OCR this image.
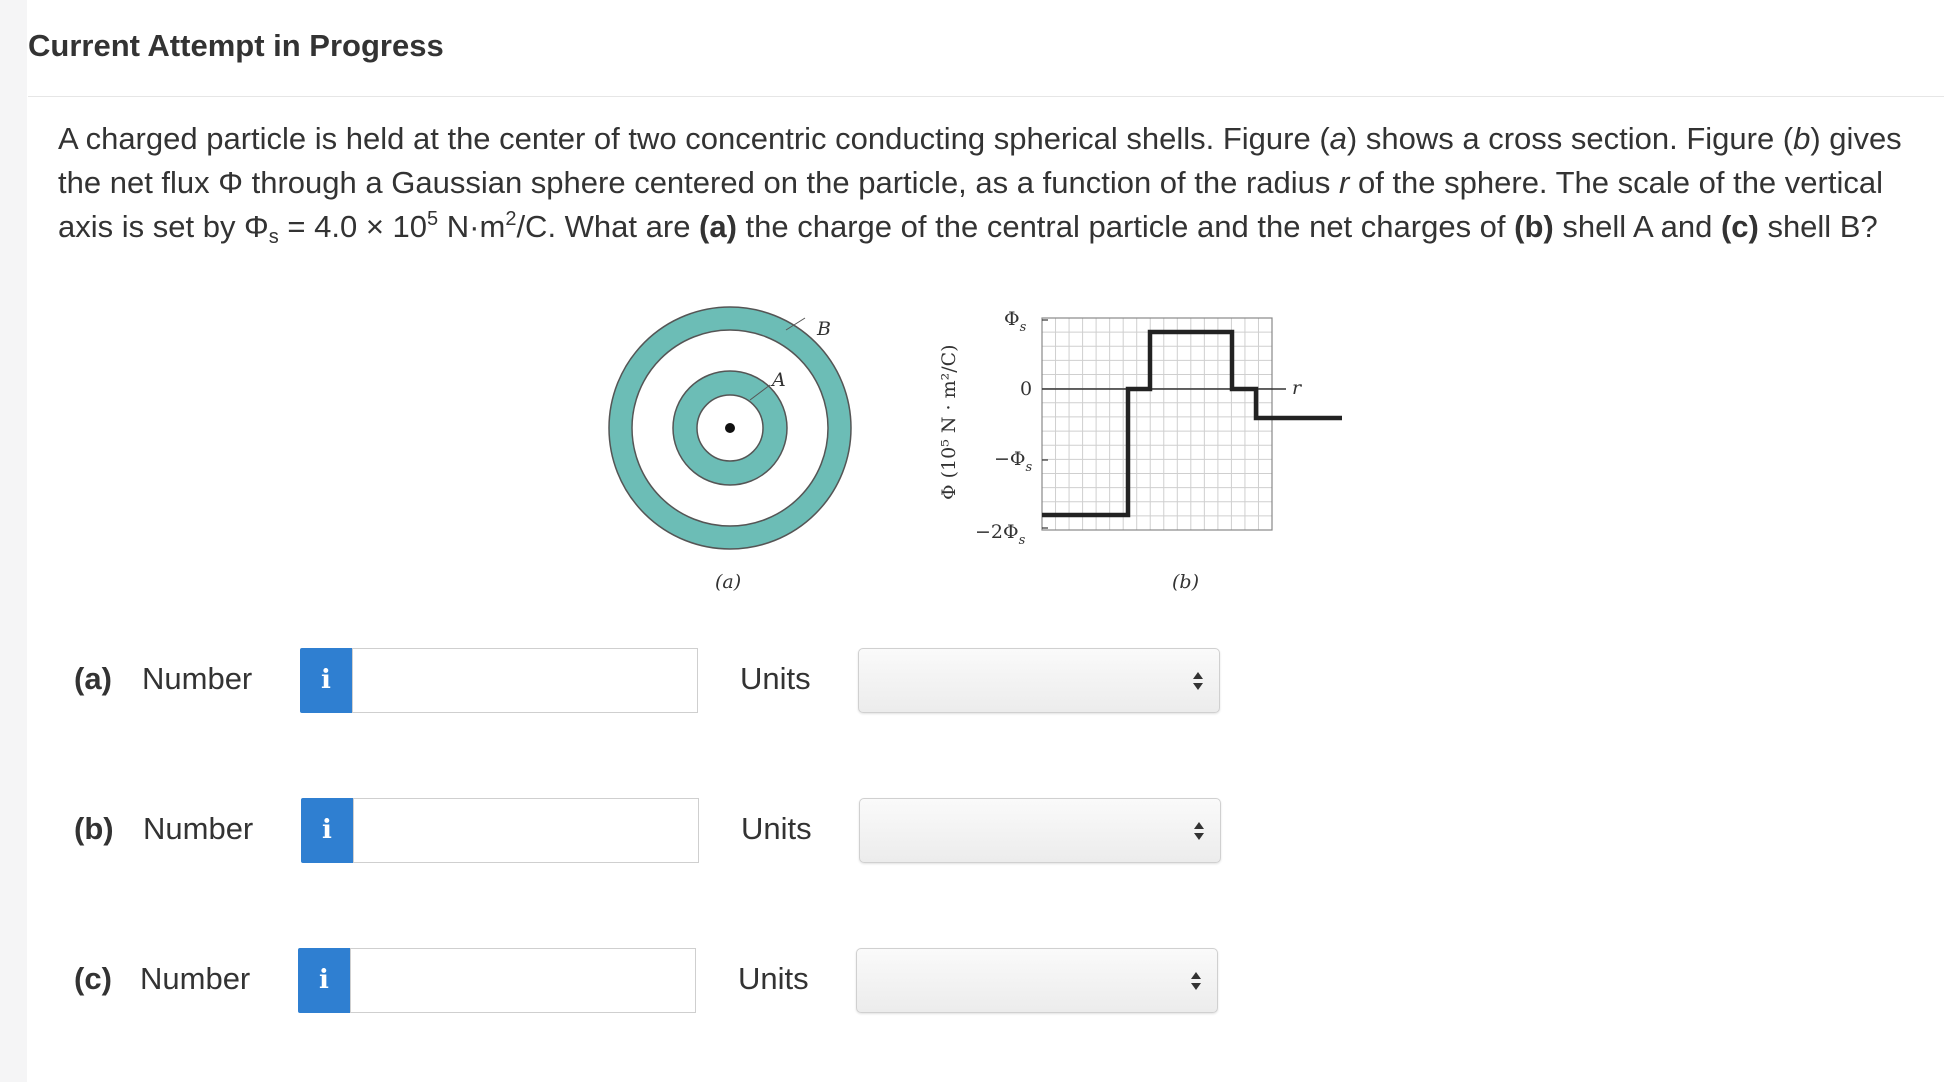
Current Attempt in Progress
A charged particle is held at the center of two concentric conducting spherical shells. Figure (a) shows a cross section. Figure (b) gives the net flux Φ through a Gaussian sphere centered on the particle, as a function of the radius r of the sphere. The scale of the vertical axis is set by $\Phi_s = 4.0 \times 10^5$ $N\cdot m^2/C$. What are (a) the charge of the central particle and the net charges of (b) shell A and (c) shell B?
B
A
(a)
r
$\Phi_s$
0
$-\Phi_s$
$-2\Phi_s$
Φ (10⁵ N · m²/C)
(b)
(a) Number	i	Units
(b) Number	i	Units
(c) Number	i	Units
